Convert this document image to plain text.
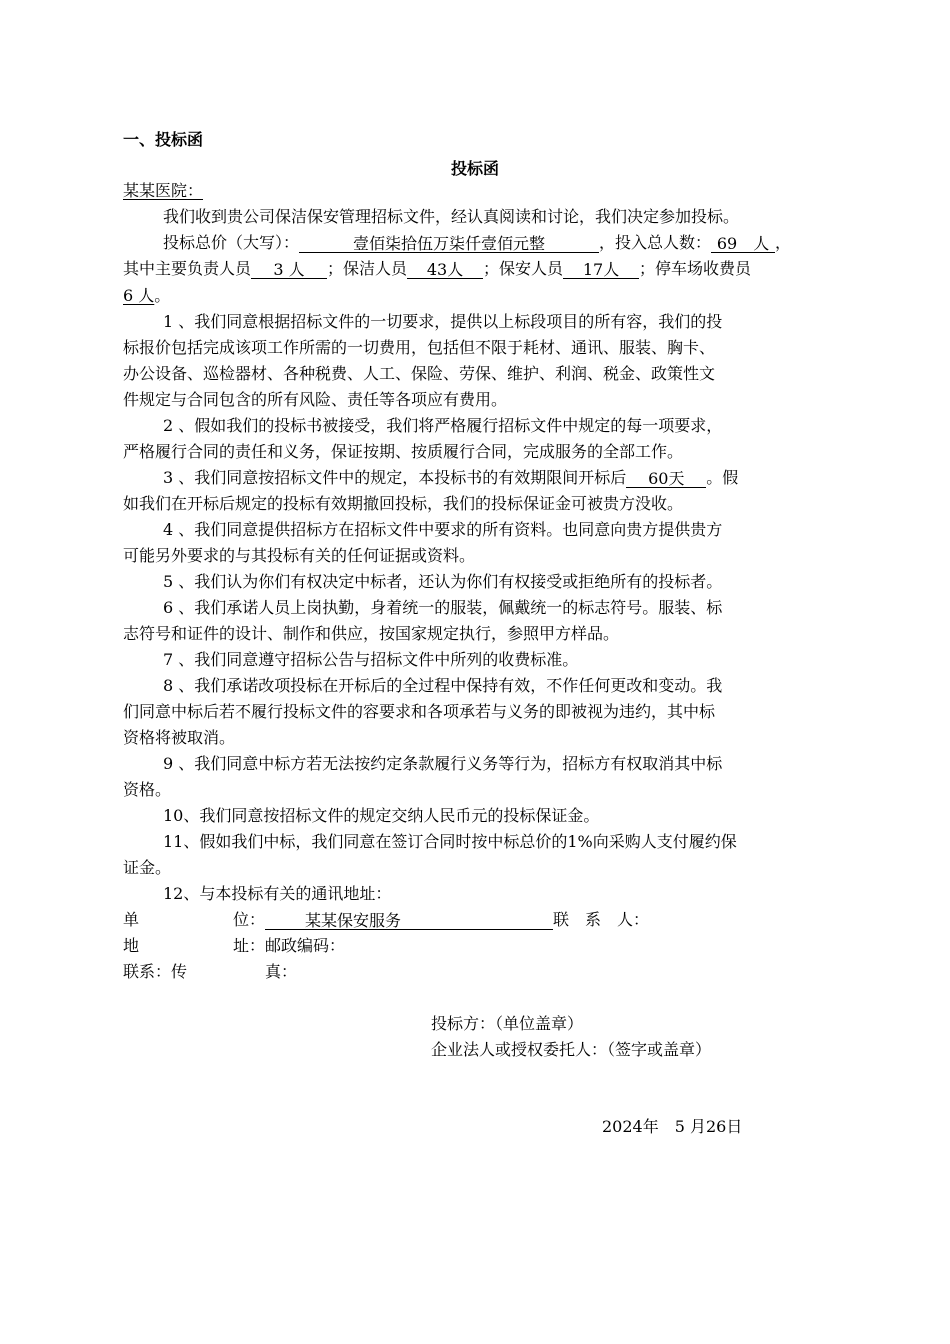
一、投标函
投标函
某某医院：
我们收到贵公司保洁保安管理招标文件，经认真阅读和讨论，我们决定参加投标。
投标总价（大写）：	壹佰柒拾伍万柒仟壹佰元整	，投入总人数： 69　人 ，
其中主要负责人员 3 人 ；保洁人员 43人 ；保安人员 17人 ；停车场收费员
6 人。
1 、我们同意根据招标文件的一切要求，提供以上标段项目的所有容，我们的投
标报价包括完成该项工作所需的一切费用，包括但不限于耗材、通讯、服装、胸卡、
办公设备、巡检器材、各种税费、人工、保险、劳保、维护、利润、税金、政策性文
件规定与合同包含的所有风险、责任等各项应有费用。
2 、假如我们的投标书被接受，我们将严格履行招标文件中规定的每一项要求，
严格履行合同的责任和义务，保证按期、按质履行合同，完成服务的全部工作。
3 、我们同意按招标文件中的规定，本投标书的有效期限间开标后 60天 。假
如我们在开标后规定的投标有效期撤回投标，我们的投标保证金可被贵方没收。
4 、我们同意提供招标方在招标文件中要求的所有资料。也同意向贵方提供贵方
可能另外要求的与其投标有关的任何证据或资料。
5 、我们认为你们有权决定中标者，还认为你们有权接受或拒绝所有的投标者。
6 、我们承诺人员上岗执勤，身着统一的服装，佩戴统一的标志符号。服装、标
志符号和证件的设计、制作和供应，按国家规定执行，参照甲方样品。
7 、我们同意遵守招标公告与招标文件中所列的收费标准。
8 、我们承诺改项投标在开标后的全过程中保持有效，不作任何更改和变动。我
们同意中标后若不履行投标文件的容要求和各项承若与义务的即被视为违约，其中标
资格将被取消。
9 、我们同意中标方若无法按约定条款履行义务等行为，招标方有权取消其中标
资格。
10、我们同意按招标文件的规定交纳人民币元的投标保证金。
11、假如我们中标，我们同意在签订合同时按中标总价的1%向采购人支付履约保
证金。
12、与本投标有关的通讯地址：
单	位：	某某保安服务	联　系　人：
地	址：邮政编码：
联系：传	真：
投标方：（单位盖章）
企业法人或授权委托人：（签字或盖章）
2024年　5 月26日
